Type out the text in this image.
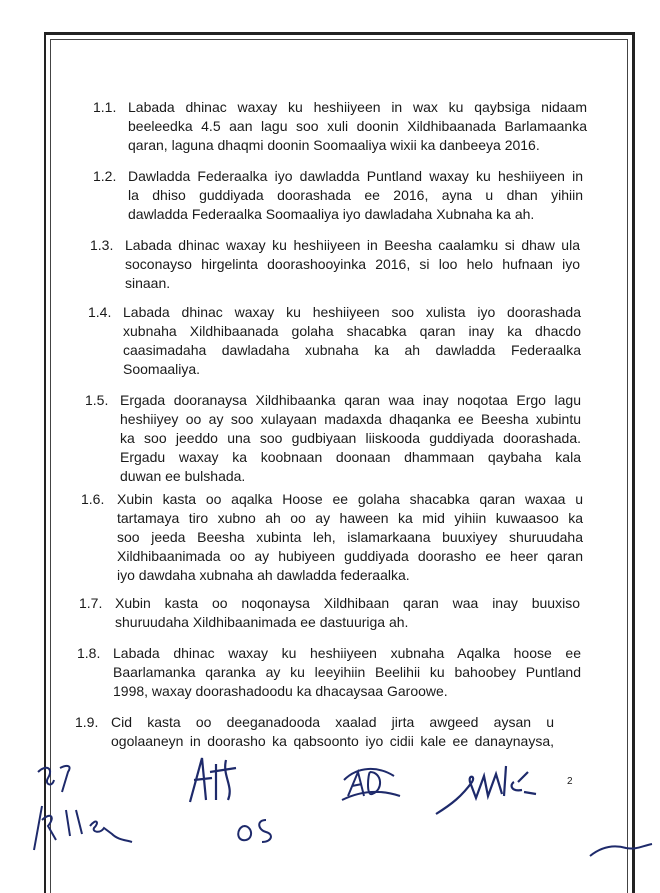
1.1. Labada dhinac waxay ku heshiiyeen in wax ku qaybsiga nidaam
beeleedka 4.5 aan lagu soo xuli doonin Xildhibaanada Barlamaanka
qaran, laguna dhaqmi doonin Soomaaliya wixii ka danbeeya 2016.
1.2. Dawladda Federaalka iyo dawladda Puntland waxay ku heshiiyeen in
la dhiso guddiyada doorashada ee 2016, ayna u dhan yihiin
dawladda Federaalka Soomaaliya iyo dawladaha Xubnaha ka ah.
1.3. Labada dhinac waxay ku heshiiyeen in Beesha caalamku si dhaw ula
soconayso hirgelinta doorashooyinka 2016, si loo helo hufnaan iyo
sinaan.
1.4. Labada dhinac waxay ku heshiiyeen soo xulista iyo doorashada
xubnaha Xildhibaanada golaha shacabka qaran inay ka dhacdo
caasimadaha dawladaha xubnaha ka ah dawladda Federaalka
Soomaaliya.
1.5. Ergada dooranaysa Xildhibaanka qaran waa inay noqotaa Ergo lagu
heshiiyey oo ay soo xulayaan madaxda dhaqanka ee Beesha xubintu
ka soo jeeddo una soo gudbiyaan liiskooda guddiyada doorashada.
Ergadu waxay ka koobnaan doonaan dhammaan qaybaha kala
duwan ee bulshada.
1.6. Xubin kasta oo aqalka Hoose ee golaha shacabka qaran waxaa u
tartamaya tiro xubno ah oo ay haween ka mid yihiin kuwaasoo ka
soo jeeda Beesha xubinta leh, islamarkaana buuxiyey shuruudaha
Xildhibaanimada oo ay hubiyeen guddiyada doorasho ee heer qaran
iyo dawdaha xubnaha ah dawladda federaalka.
1.7. Xubin kasta oo noqonaysa Xildhibaan qaran waa inay buuxiso
shuruudaha Xildhibaanimada ee dastuuriga ah.
1.8. Labada dhinac waxay ku heshiiyeen xubnaha Aqalka hoose ee
Baarlamanka qaranka ay ku leeyihiin Beelihii ku bahoobey Puntland
1998, waxay doorashadoodu ka dhacaysaa Garoowe.
1.9. Cid kasta oo deeganadooda xaalad jirta awgeed aysan u
ogolaaneyn in doorasho ka qabsoonto iyo cidii kale ee danaynaysa,
2
